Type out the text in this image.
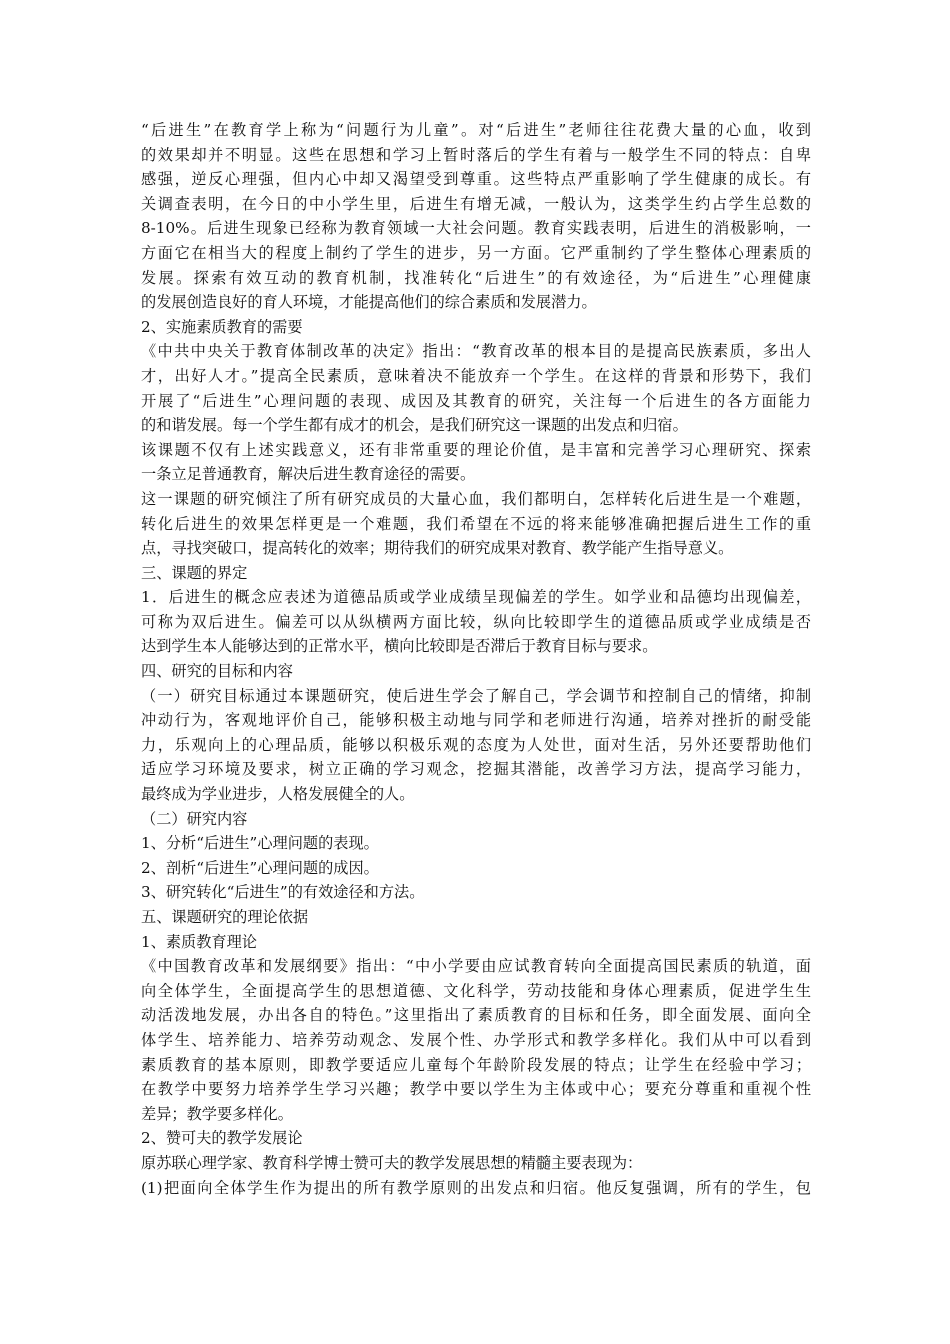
“后进生”在教育学上称为“问题行为儿童”。对“后进生”老师往往花费大量的心血，收到
的效果却并不明显。这些在思想和学习上暂时落后的学生有着与一般学生不同的特点：自卑
感强，逆反心理强，但内心中却又渴望受到尊重。这些特点严重影响了学生健康的成长。有
关调查表明，在今日的中小学生里，后进生有增无减，一般认为，这类学生约占学生总数的
8-10%。后进生现象已经称为教育领域一大社会问题。教育实践表明，后进生的消极影响，一
方面它在相当大的程度上制约了学生的进步，另一方面。它严重制约了学生整体心理素质的
发展。探索有效互动的教育机制，找准转化“后进生”的有效途径，为“后进生”心理健康
的发展创造良好的育人环境，才能提高他们的综合素质和发展潜力。
2、实施素质教育的需要
《中共中央关于教育体制改革的决定》指出：“教育改革的根本目的是提高民族素质，多出人
才，出好人才。”提高全民素质，意味着决不能放弃一个学生。在这样的背景和形势下，我们
开展了“后进生”心理问题的表现、成因及其教育的研究，关注每一个后进生的各方面能力
的和谐发展。每一个学生都有成才的机会，是我们研究这一课题的出发点和归宿。
该课题不仅有上述实践意义，还有非常重要的理论价值，是丰富和完善学习心理研究、探索
一条立足普通教育，解决后进生教育途径的需要。
这一课题的研究倾注了所有研究成员的大量心血，我们都明白，怎样转化后进生是一个难题，
转化后进生的效果怎样更是一个难题，我们希望在不远的将来能够准确把握后进生工作的重
点，寻找突破口，提高转化的效率；期待我们的研究成果对教育、教学能产生指导意义。
三、课题的界定
1．后进生的概念应表述为道德品质或学业成绩呈现偏差的学生。如学业和品德均出现偏差，
可称为双后进生。偏差可以从纵横两方面比较，纵向比较即学生的道德品质或学业成绩是否
达到学生本人能够达到的正常水平，横向比较即是否滞后于教育目标与要求。
四、研究的目标和内容
（一）研究目标通过本课题研究，使后进生学会了解自己，学会调节和控制自己的情绪，抑制
冲动行为，客观地评价自己，能够积极主动地与同学和老师进行沟通，培养对挫折的耐受能
力，乐观向上的心理品质，能够以积极乐观的态度为人处世，面对生活，另外还要帮助他们
适应学习环境及要求，树立正确的学习观念，挖掘其潜能，改善学习方法，提高学习能力，
最终成为学业进步，人格发展健全的人。
（二）研究内容
1、分析“后进生”心理问题的表现。
2、剖析“后进生”心理问题的成因。
3、研究转化“后进生”的有效途径和方法。
五、课题研究的理论依据
1、素质教育理论
《中国教育改革和发展纲要》指出：“中小学要由应试教育转向全面提高国民素质的轨道，面
向全体学生，全面提高学生的思想道德、文化科学，劳动技能和身体心理素质，促进学生生
动活泼地发展，办出各自的特色。”这里指出了素质教育的目标和任务，即全面发展、面向全
体学生、培养能力、培养劳动观念、发展个性、办学形式和教学多样化。我们从中可以看到
素质教育的基本原则，即教学要适应儿童每个年龄阶段发展的特点；让学生在经验中学习；
在教学中要努力培养学生学习兴趣；教学中要以学生为主体或中心；要充分尊重和重视个性
差异；教学要多样化。
2、赞可夫的教学发展论
原苏联心理学家、教育科学博士赞可夫的教学发展思想的精髓主要表现为：
(1)把面向全体学生作为提出的所有教学原则的出发点和归宿。他反复强调，所有的学生，包
